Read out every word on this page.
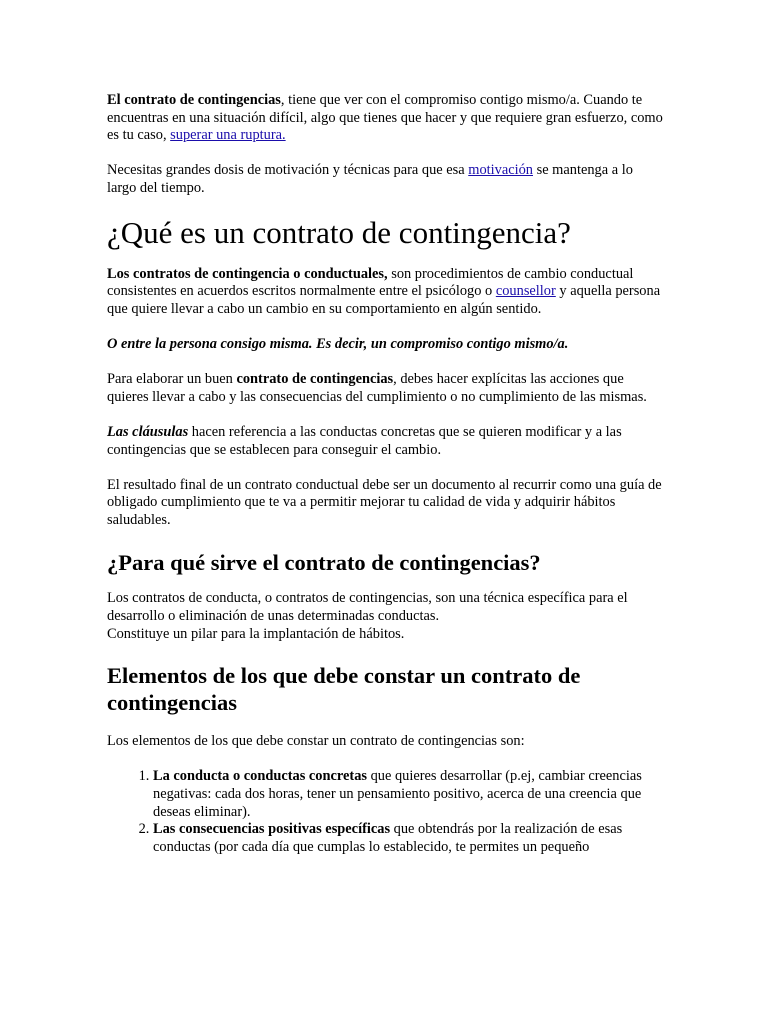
El contrato de contingencias, tiene que ver con el compromiso contigo mismo/a. Cuando te encuentras en una situación difícil, algo que tienes que hacer y que requiere gran esfuerzo, como es tu caso, superar una ruptura.

Necesitas grandes dosis de motivación y técnicas para que esa motivación se mantenga a lo largo del tiempo.

¿Qué es un contrato de contingencia?

Los contratos de contingencia o conductuales, son procedimientos de cambio conductual consistentes en acuerdos escritos normalmente entre el psicólogo o counsellor y aquella persona que quiere llevar a cabo un cambio en su comportamiento en algún sentido.

O entre la persona consigo misma. Es decir, un compromiso contigo mismo/a.

Para elaborar un buen contrato de contingencias, debes hacer explícitas las acciones que quieres llevar a cabo y las consecuencias del cumplimiento o no cumplimiento de las mismas.

Las cláusulas hacen referencia a las conductas concretas que se quieren modificar y a las contingencias que se establecen para conseguir el cambio.

El resultado final de un contrato conductual debe ser un documento al recurrir como una guía de obligado cumplimiento que te va a permitir mejorar tu calidad de vida y adquirir hábitos saludables.

¿Para qué sirve el contrato de contingencias?

Los contratos de conducta, o contratos de contingencias, son una técnica específica para el desarrollo o eliminación de unas determinadas conductas.

Constituye un pilar para la implantación de hábitos.

Elementos de los que debe constar un contrato de contingencias

Los elementos de los que debe constar un contrato de contingencias son:

1. La conducta o conductas concretas que quieres desarrollar (p.ej, cambiar creencias negativas: cada dos horas, tener un pensamiento positivo, acerca de una creencia que deseas eliminar).
2. Las consecuencias positivas específicas que obtendrás por la realización de esas conductas (por cada día que cumplas lo establecido, te permites un pequeño
